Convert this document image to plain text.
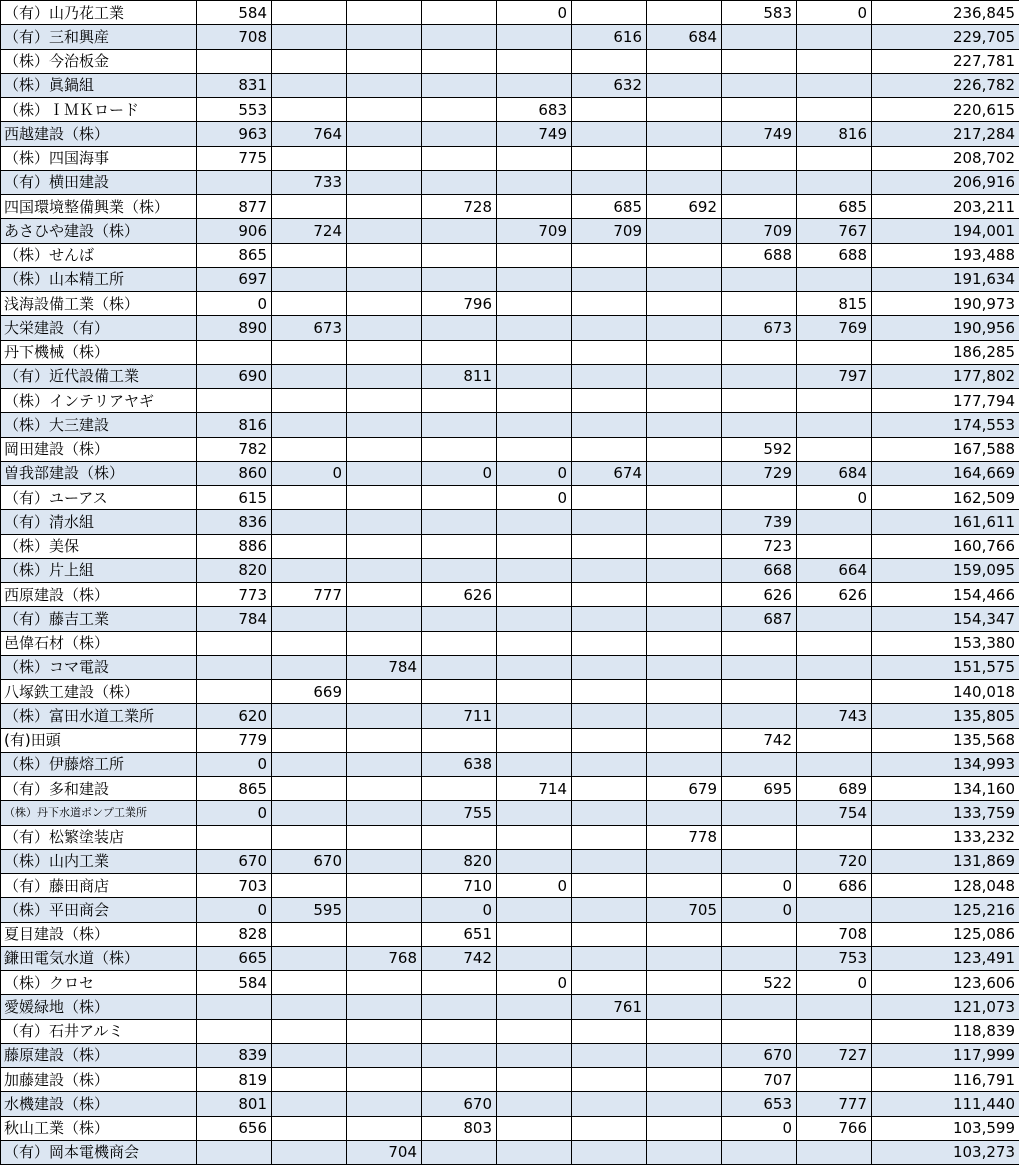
（有）山乃花工業	584				0			583	0	236,845
（有）三和興産	708					616	684			229,705
（株）今治板金										227,781
（株）眞鍋組	831					632				226,782
（株）ＩＭＫロード	553				683					220,615
西越建設（株）	963	764			749			749	816	217,284
（株）四国海事	775									208,702
（有）横田建設		733								206,916
四国環境整備興業（株）	877			728		685	692		685	203,211
あさひや建設（株）	906	724			709	709		709	767	194,001
（株）せんば	865							688	688	193,488
（株）山本精工所	697									191,634
浅海設備工業（株）	0			796					815	190,973
大栄建設（有）	890	673						673	769	190,956
丹下機械（株）										186,285
（有）近代設備工業	690			811					797	177,802
（株）インテリアヤギ										177,794
（株）大三建設	816									174,553
岡田建設（株）	782							592		167,588
曽我部建設（株）	860	0		0	0	674		729	684	164,669
（有）ユーアス	615				0				0	162,509
（有）清水組	836							739		161,611
（株）美保	886							723		160,766
（株）片上組	820							668	664	159,095
西原建設（株）	773	777		626				626	626	154,466
（有）藤吉工業	784							687		154,347
邑偉石材（株）										153,380
（株）コマ電設			784							151,575
八塚鉄工建設（株）		669								140,018
（株）富田水道工業所	620			711					743	135,805
(有)田頭	779							742		135,568
（株）伊藤熔工所	0			638						134,993
（有）多和建設	865				714		679	695	689	134,160
（株）丹下水道ポンプ工業所	0			755					754	133,759
（有）松繁塗装店							778			133,232
（株）山内工業	670	670		820					720	131,869
（有）藤田商店	703			710	0			0	686	128,048
（株）平田商会	0	595		0			705	0		125,216
夏目建設（株）	828			651					708	125,086
鎌田電気水道（株）	665		768	742					753	123,491
（株）クロセ	584				0			522	0	123,606
愛媛緑地（株）						761				121,073
（有）石井アルミ										118,839
藤原建設（株）	839							670	727	117,999
加藤建設（株）	819							707		116,791
水機建設（株）	801			670				653	777	111,440
秋山工業（株）	656			803				0	766	103,599
（有）岡本電機商会			704							103,273
